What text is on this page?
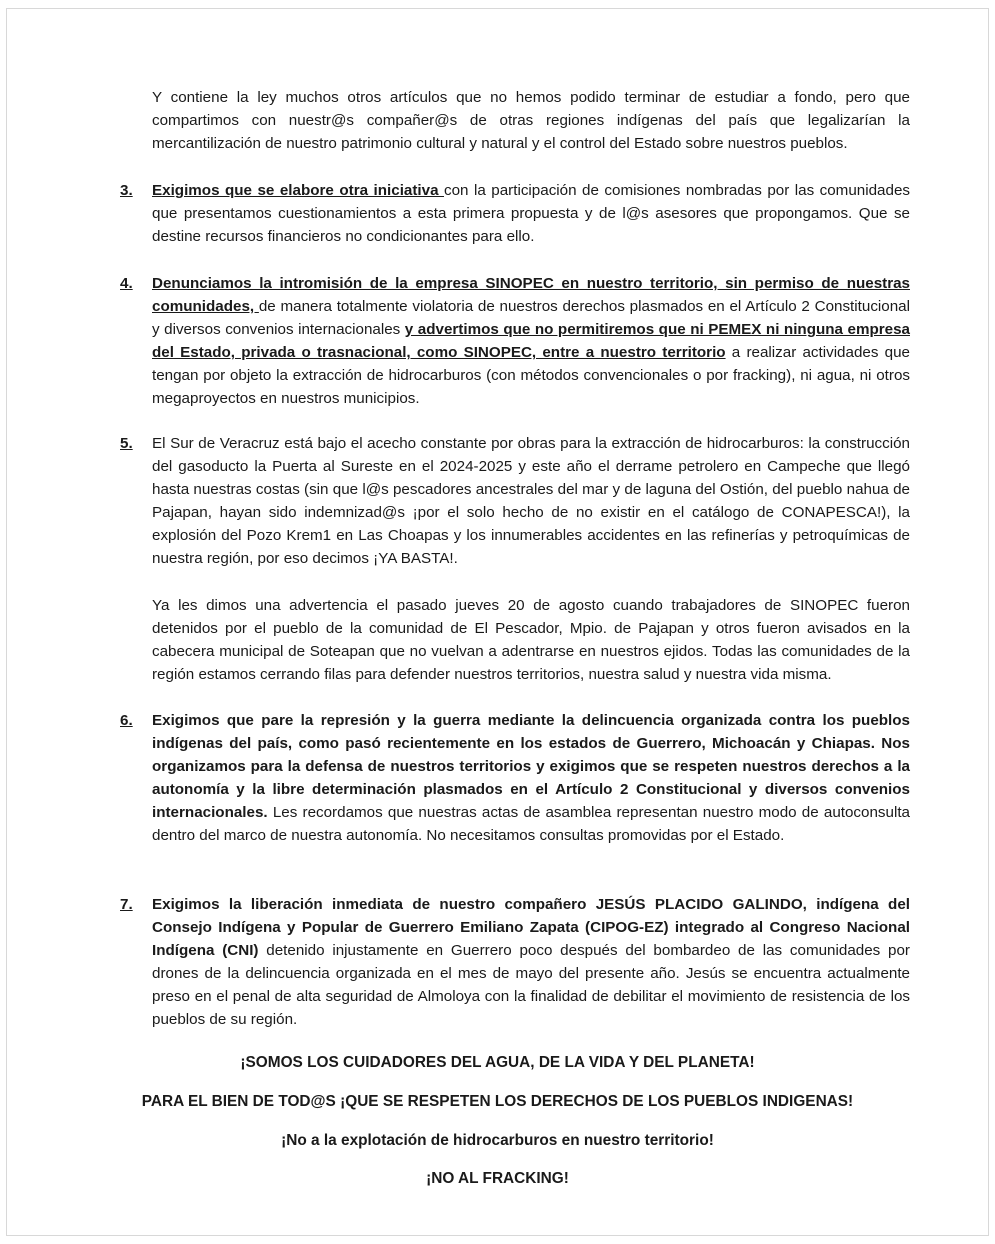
Y contiene la ley muchos otros artículos que no hemos podido terminar de estudiar a fondo, pero que compartimos con nuestr@s compañer@s de otras regiones indígenas del país que legalizarían la mercantilización de nuestro patrimonio cultural y natural y el control del Estado sobre nuestros pueblos.

3.	Exigimos que se elabore otra iniciativa con la participación de comisiones nombradas por las comunidades que presentamos cuestionamientos a esta primera propuesta y de l@s asesores que propongamos. Que se destine recursos financieros no condicionantes para ello.
4.	Denunciamos la intromisión de la empresa SINOPEC en nuestro territorio, sin permiso de nuestras comunidades, de manera totalmente violatoria de nuestros derechos plasmados en el Artículo 2 Constitucional y diversos convenios internacionales y advertimos que no permitiremos que ni PEMEX ni ninguna empresa del Estado, privada o trasnacional, como SINOPEC, entre a nuestro territorio a realizar actividades que tengan por objeto la extracción de hidrocarburos (con métodos convencionales o por fracking), ni agua, ni otros megaproyectos en nuestros municipios.
5.	El Sur de Veracruz está bajo el acecho constante por obras para la extracción de hidrocarburos: la construcción del gasoducto la Puerta al Sureste en el 2024-2025 y este año el derrame petrolero en Campeche que llegó hasta nuestras costas (sin que l@s pescadores ancestrales del mar y de laguna del Ostión, del pueblo nahua de Pajapan, hayan sido indemnizad@s ¡por el solo hecho de no existir en el catálogo de CONAPESCA!), la explosión del Pozo Krem1 en Las Choapas y los innumerables accidentes en las refinerías y petroquímicas de nuestra región, por eso decimos ¡YA BASTA!.

Ya les dimos una advertencia el pasado jueves 20 de agosto cuando trabajadores de SINOPEC fueron detenidos por el pueblo de la comunidad de El Pescador, Mpio. de Pajapan y otros fueron avisados en la cabecera municipal de Soteapan que no vuelvan a adentrarse en nuestros ejidos. Todas las comunidades de la región estamos cerrando filas para defender nuestros territorios, nuestra salud y nuestra vida misma.

6.	Exigimos que pare la represión y la guerra mediante la delincuencia organizada contra los pueblos indígenas del país, como pasó recientemente en los estados de Guerrero, Michoacán y Chiapas. Nos organizamos para la defensa de nuestros territorios y exigimos que se respeten nuestros derechos a la autonomía y la libre determinación plasmados en el Artículo 2 Constitucional y diversos convenios internacionales. Les recordamos que nuestras actas de asamblea representan nuestro modo de autoconsulta dentro del marco de nuestra autonomía. No necesitamos consultas promovidas por el Estado.
7.	Exigimos la liberación inmediata de nuestro compañero JESÚS PLACIDO GALINDO, indígena del Consejo Indígena y Popular de Guerrero Emiliano Zapata (CIPOG-EZ) integrado al Congreso Nacional Indígena (CNI) detenido injustamente en Guerrero poco después del bombardeo de las comunidades por drones de la delincuencia organizada en el mes de mayo del presente año. Jesús se encuentra actualmente preso en el penal de alta seguridad de Almoloya con la finalidad de debilitar el movimiento de resistencia de los pueblos de su región.

¡SOMOS LOS CUIDADORES DEL AGUA, DE LA VIDA Y DEL PLANETA!

PARA EL BIEN DE TOD@S ¡QUE SE RESPETEN LOS DERECHOS DE LOS PUEBLOS INDIGENAS!

¡No a la explotación de hidrocarburos en nuestro territorio!

¡NO AL FRACKING!
